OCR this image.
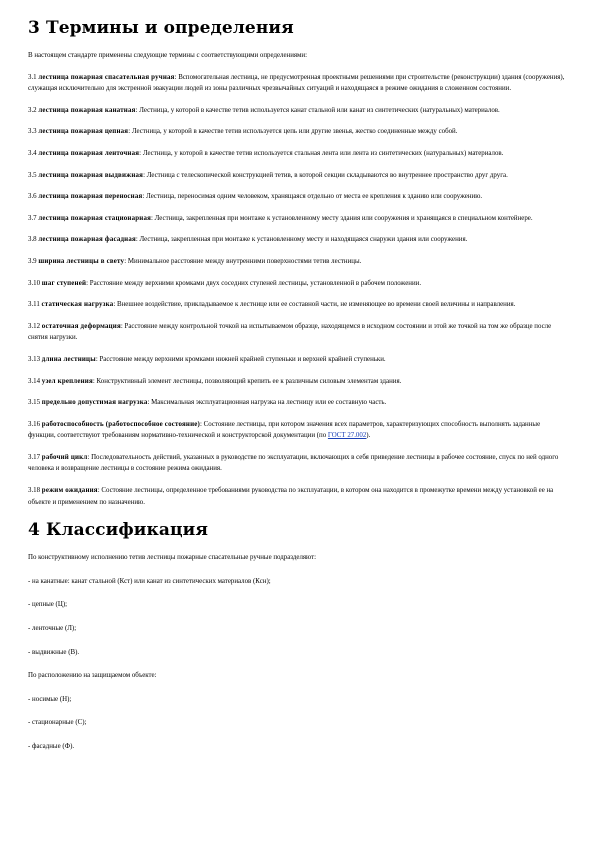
3 Термины и определения

В настоящем стандарте применены следующие термины с соответствующими определениями:

3.1 лестница пожарная спасательная ручная: Вспомогательная лестница, не предусмотренная проектными решениями при строительстве (реконструкции) здания (сооружения), служащая исключительно для экстренной эвакуации людей из зоны различных чрезвычайных ситуаций и находящаяся в режиме ожидания в сложенном состоянии.

3.2 лестница пожарная канатная: Лестница, у которой в качестве тетив используется канат стальной или канат из синтетических (натуральных) материалов.

3.3 лестница пожарная цепная: Лестница, у которой в качестве тетив используется цепь или другие звенья, жестко соединенные между собой.

3.4 лестница пожарная ленточная: Лестница, у которой в качестве тетив используется стальная лента или лента из синтетических (натуральных) материалов.

3.5 лестница пожарная выдвижная: Лестница с телескопической конструкцией тетив, в которой секции складываются во внутреннее пространство друг друга.

3.6 лестница пожарная переносная: Лестница, переносимая одним человеком, хранящаяся отдельно от места ее крепления к зданию или сооружению.

3.7 лестница пожарная стационарная: Лестница, закрепленная при монтаже к установленному месту здания или сооружения и хранящаяся в специальном контейнере.

3.8 лестница пожарная фасадная: Лестница, закрепленная при монтаже к установленному месту и находящаяся снаружи здания или сооружения.

3.9 ширина лестницы в свету: Минимальное расстояние между внутренними поверхностями тетив лестницы.

3.10 шаг ступеней: Расстояние между верхними кромками двух соседних ступеней лестницы, установленной в рабочем положении.

3.11 статическая нагрузка: Внешнее воздействие, прикладываемое к лестнице или ее составной части, не изменяющее во времени своей величины и направления.

3.12 остаточная деформация: Расстояние между контрольной точкой на испытываемом образце, находящемся в исходном состоянии и этой же точкой на том же образце после снятия нагрузки.

3.13 длина лестницы: Расстояние между верхними кромками нижней крайней ступеньки и верхней крайней ступеньки.

3.14 узел крепления: Конструктивный элемент лестницы, позволяющий крепить ее к различным силовым элементам здания.

3.15 предельно допустимая нагрузка: Максимальная эксплуатационная нагрузка на лестницу или ее составную часть.

3.16 работоспособность (работоспособное состояние): Состояние лестницы, при котором значения всех параметров, характеризующих способность выполнять заданные функции, соответствуют требованиям нормативно-технической и конструкторской документации (по ГОСТ 27.002).

3.17 рабочий цикл: Последовательность действий, указанных в руководстве по эксплуатации, включающих в себя приведение лестницы в рабочее состояние, спуск по ней одного человека и возвращение лестницы в состояние режима ожидания.

3.18 режим ожидания: Состояние лестницы, определенное требованиями руководства по эксплуатации, в котором она находится в промежутке времени между установкой ее на объекте и применением по назначению.

4 Классификация

По конструктивному исполнению тетив лестницы пожарные спасательные ручные подразделяют:

- на канатные: канат стальной (Кст) или канат из синтетических материалов (Ксн);

- цепные (Ц);

- ленточные (Л);

- выдвижные (В).

По расположению на защищаемом объекте:

- носимые (Н);

- стационарные (С);

- фасадные (Ф).
